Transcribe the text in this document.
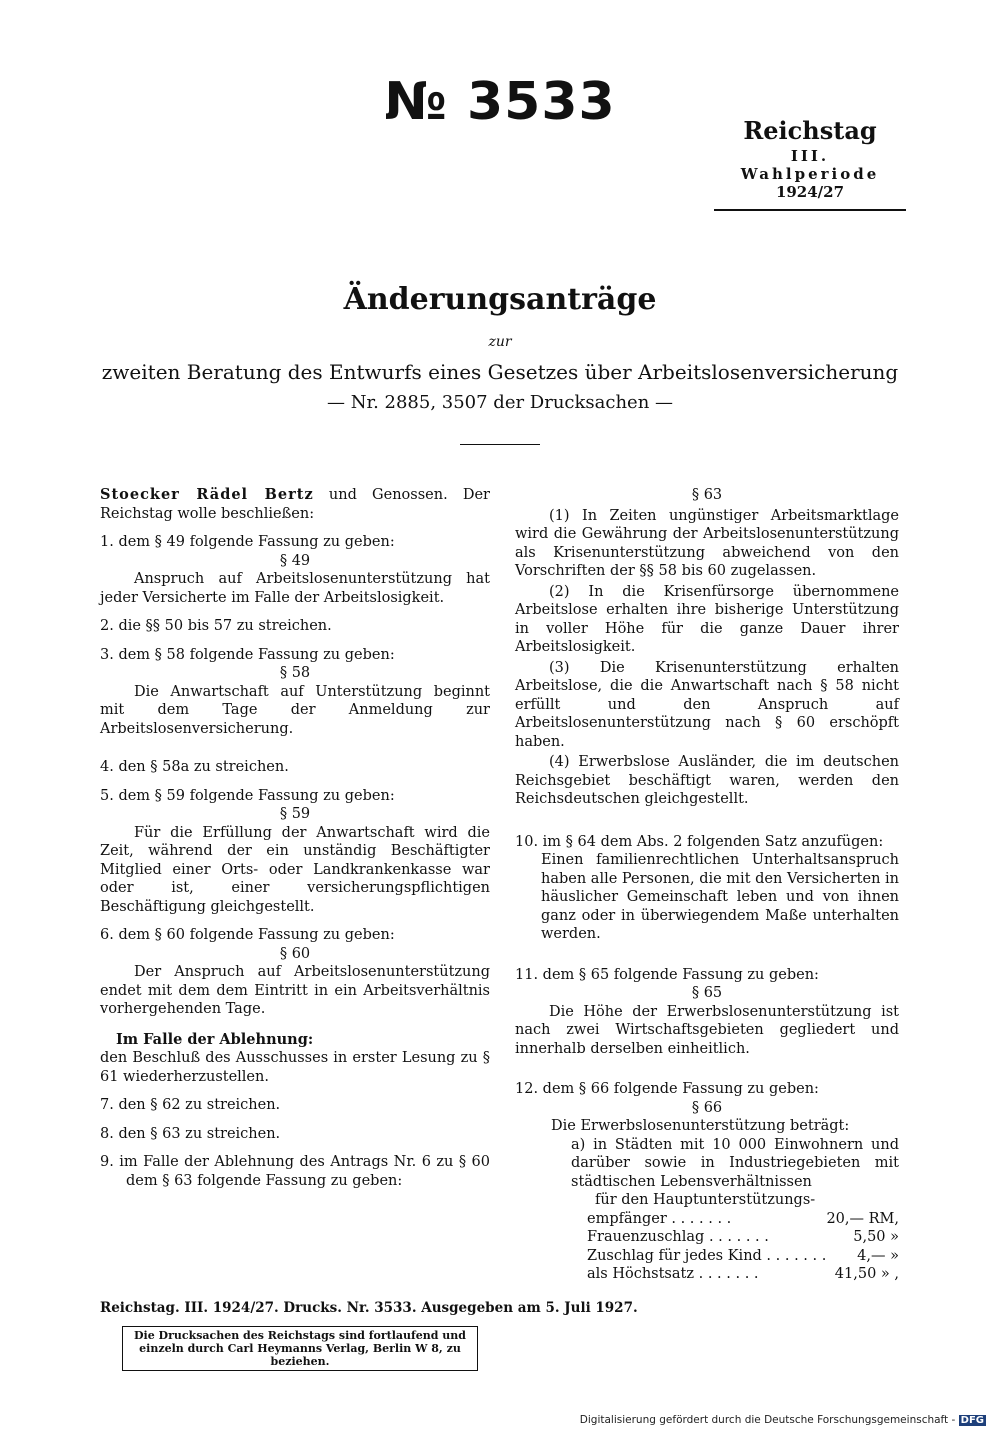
№ 3533	Reichstag
III. Wahlperiode
1924/27
Änderungsanträge
zur
zweiten Beratung des Entwurfs eines Gesetzes über Arbeitslosenversicherung
— Nr. 2885, 3507 der Drucksachen —

Stoecker Rädel Bertz und Genossen. Der Reichstag wolle beschließen:

1. dem § 49 folgende Fassung zu geben:

§ 49

Anspruch auf Arbeitslosenunterstützung hat jeder Versicherte im Falle der Arbeitslosigkeit.

2. die §§ 50 bis 57 zu streichen.

3. dem § 58 folgende Fassung zu geben:

§ 58

Die Anwartschaft auf Unterstützung beginnt mit dem Tage der Anmeldung zur Arbeitslosenversicherung.

4. den § 58a zu streichen.

5. dem § 59 folgende Fassung zu geben:

§ 59

Für die Erfüllung der Anwartschaft wird die Zeit, während der ein unständig Beschäftigter Mitglied einer Orts- oder Landkrankenkasse war oder ist, einer versicherungspflichtigen Beschäftigung gleichgestellt.

6. dem § 60 folgende Fassung zu geben:

§ 60

Der Anspruch auf Arbeitslosenunterstützung endet mit dem dem Eintritt in ein Arbeitsverhältnis vorhergehenden Tage.

Im Falle der Ablehnung:

den Beschluß des Ausschusses in erster Lesung zu § 61 wiederherzustellen.

7. den § 62 zu streichen.

8. den § 63 zu streichen.

9. im Falle der Ablehnung des Antrags Nr. 6 zu § 60 dem § 63 folgende Fassung zu geben:

§ 63

(1) In Zeiten ungünstiger Arbeitsmarktlage wird die Gewährung der Arbeitslosenunterstützung als Krisenunterstützung abweichend von den Vorschriften der §§ 58 bis 60 zugelassen.

(2) In die Krisenfürsorge übernommene Arbeitslose erhalten ihre bisherige Unterstützung in voller Höhe für die ganze Dauer ihrer Arbeitslosigkeit.

(3) Die Krisenunterstützung erhalten Arbeitslose, die die Anwartschaft nach § 58 nicht erfüllt und den Anspruch auf Arbeitslosenunterstützung nach § 60 erschöpft haben.

(4) Erwerbslose Ausländer, die im deutschen Reichsgebiet beschäftigt waren, werden den Reichsdeutschen gleichgestellt.

10. im § 64 dem Abs. 2 folgenden Satz anzufügen:

Einen familienrechtlichen Unterhaltsanspruch haben alle Personen, die mit den Versicherten in häuslicher Gemeinschaft leben und von ihnen ganz oder in überwiegendem Maße unterhalten werden.

11. dem § 65 folgende Fassung zu geben:

§ 65

Die Höhe der Erwerbslosenunterstützung ist nach zwei Wirtschaftsgebieten gegliedert und innerhalb derselben einheitlich.

12. dem § 66 folgende Fassung zu geben:

§ 66

Die Erwerbslosenunterstützung beträgt:

a) in Städten mit 10 000 Einwohnern und darüber sowie in Industriegebieten mit städtischen Lebensverhältnissen

für den Hauptunterstützungs-

empfänger . . . . . . .	20,— RM,
Frauenzuschlag . . . . . . .	5,50 »
Zuschlag für jedes Kind . . . . . . . 4,— »
als Höchstsatz . . . . . . .	41,50 » ,
Reichstag. III. 1924/27. Drucks. Nr. 3533. Ausgegeben am 5. Juli 1927.
Die Drucksachen des Reichstags sind fortlaufend und einzeln durch Carl Heymanns Verlag, Berlin W 8, zu beziehen.
Digitalisierung gefördert durch die Deutsche Forschungsgemeinschaft - DFG
